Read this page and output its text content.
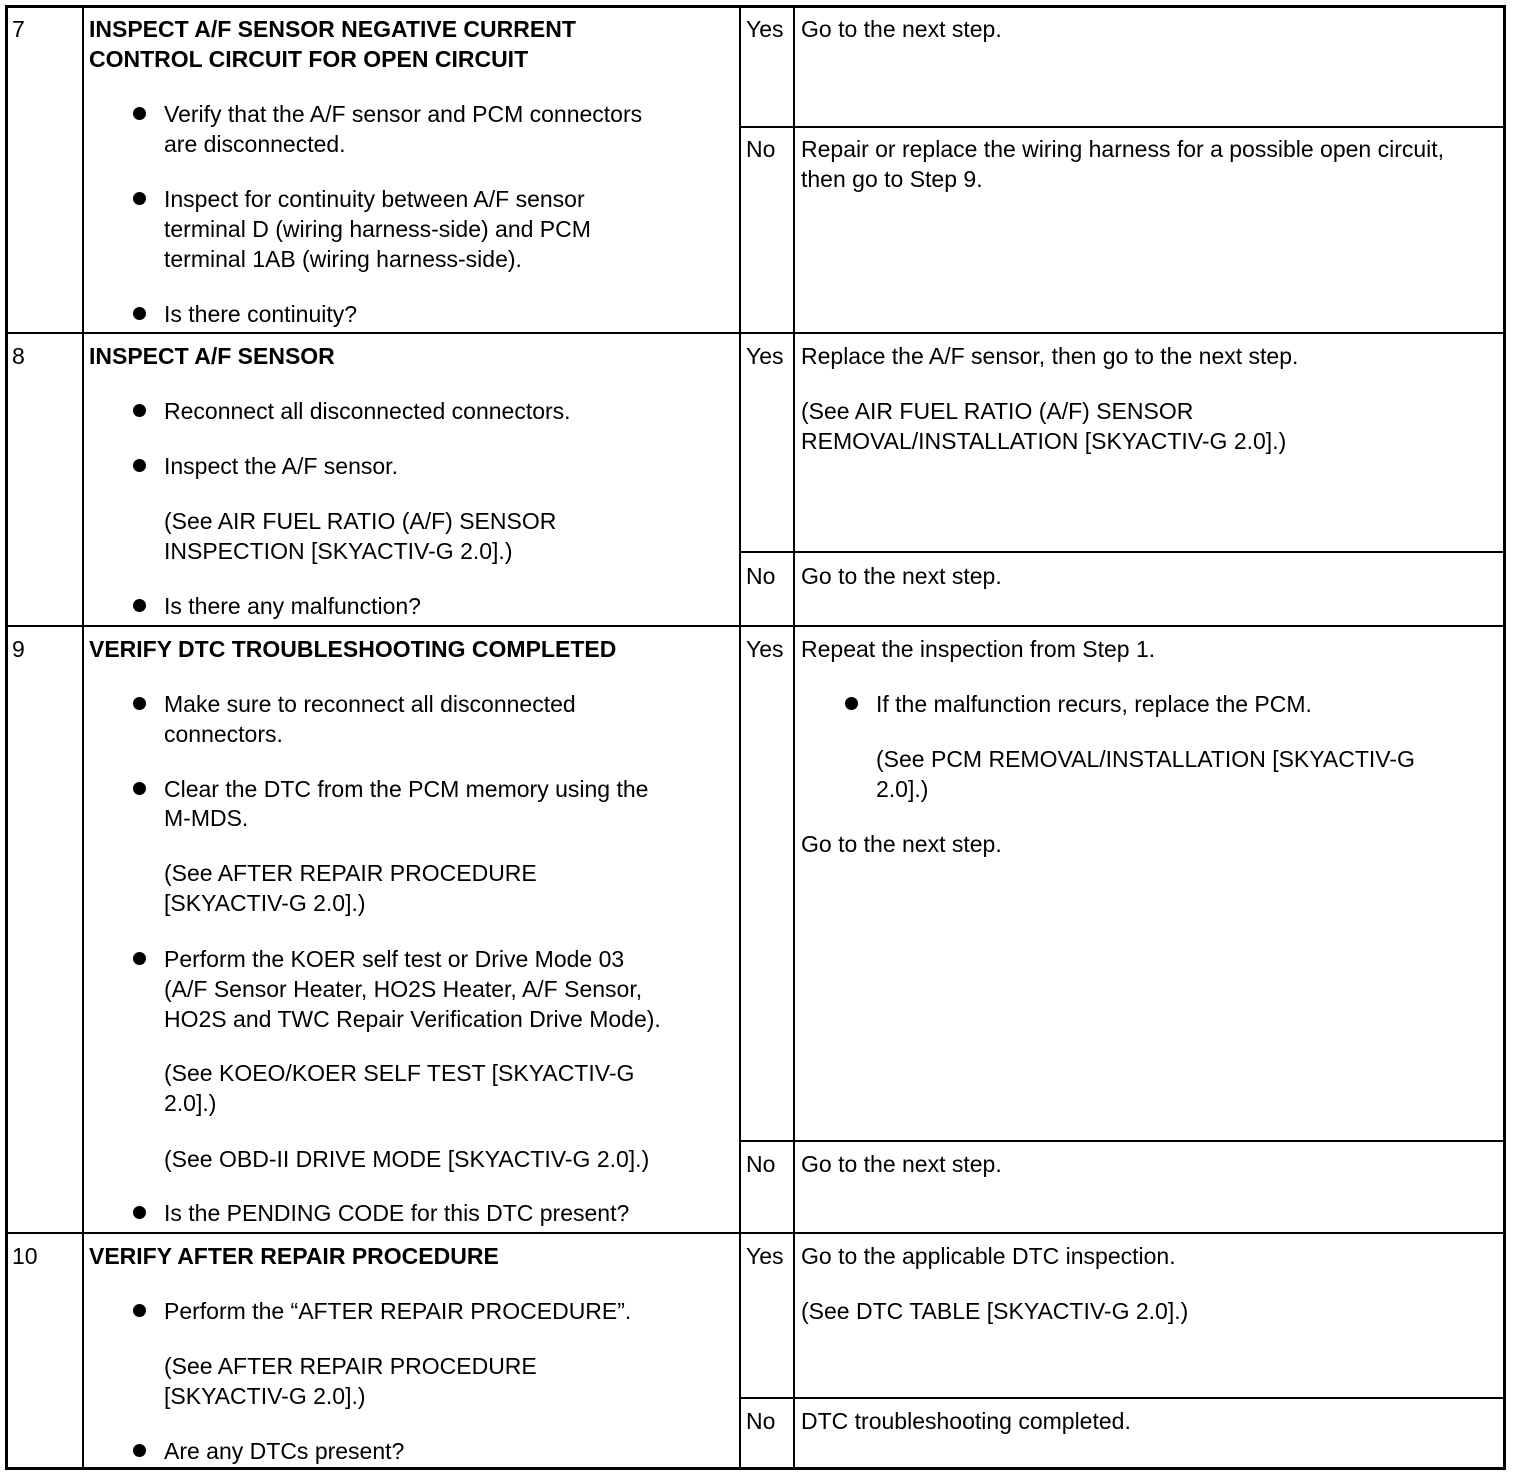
7	INSPECT A/F SENSOR NEGATIVE CURRENT
CONTROL CIRCUIT FOR OPEN CIRCUIT
Verify that the A/F sensor and PCM connectors
are disconnected.
Inspect for continuity between A/F sensor
terminal D (wiring harness-side) and PCM
terminal 1AB (wiring harness-side).
Is there continuity?
Yes Go to the next step.
No Repair or replace the wiring harness for a possible open circuit,
then go to Step 9.
8	INSPECT A/F SENSOR
Reconnect all disconnected connectors.
Inspect the A/F sensor.
(See AIR FUEL RATIO (A/F) SENSOR
INSPECTION [SKYACTIV-G 2.0].)
Is there any malfunction?
Yes Replace the A/F sensor, then go to the next step.
(See AIR FUEL RATIO (A/F) SENSOR
REMOVAL/INSTALLATION [SKYACTIV-G 2.0].)
No Go to the next step.
9	VERIFY DTC TROUBLESHOOTING COMPLETED
Make sure to reconnect all disconnected
connectors.
Clear the DTC from the PCM memory using the
M-MDS.
(See AFTER REPAIR PROCEDURE
[SKYACTIV-G 2.0].)
Perform the KOER self test or Drive Mode 03
(A/F Sensor Heater, HO2S Heater, A/F Sensor,
HO2S and TWC Repair Verification Drive Mode).
(See KOEO/KOER SELF TEST [SKYACTIV-G
2.0].)
(See OBD-II DRIVE MODE [SKYACTIV-G 2.0].)
Is the PENDING CODE for this DTC present?
Yes Repeat the inspection from Step 1.
If the malfunction recurs, replace the PCM.
(See PCM REMOVAL/INSTALLATION [SKYACTIV-G
2.0].)
Go to the next step.
No Go to the next step.
10 VERIFY AFTER REPAIR PROCEDURE
Perform the “AFTER REPAIR PROCEDURE”.
(See AFTER REPAIR PROCEDURE
[SKYACTIV-G 2.0].)
Are any DTCs present?
Yes Go to the applicable DTC inspection.
(See DTC TABLE [SKYACTIV-G 2.0].)
No DTC troubleshooting completed.
